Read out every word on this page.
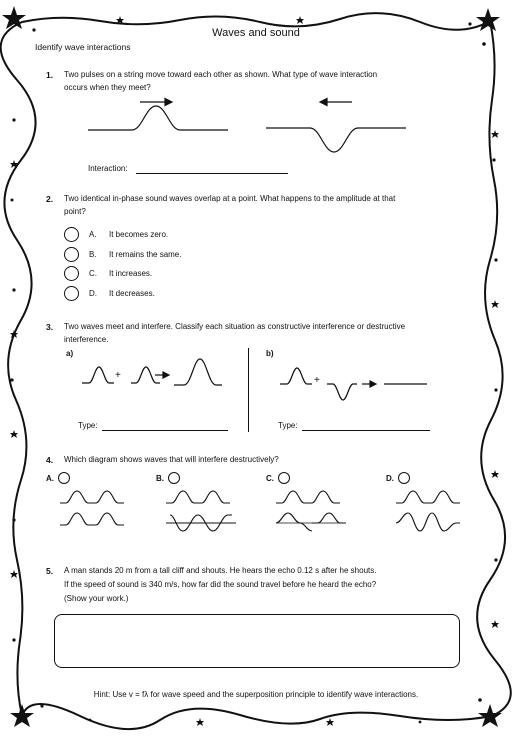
Waves and sound
Identify wave interactions
1. Two pulses on a string move toward each other as shown. What type of wave interaction
occurs when they meet?
Interaction:
2. Two identical in-phase sound waves overlap at a point. What happens to the amplitude at that
point?
A.	It becomes zero.
B.	It remains the same.
C.	It increases.
D.	It decreases.
3. Two waves meet and interfere. Classify each situation as constructive interference or destructive
interference.
a)	b)
+	+
Type:	Type:
4. Which diagram shows waves that will interfere destructively?
A.	B.	C.	D.
5. A man stands 20 m from a tall cliff and shouts. He hears the echo 0.12 s after he shouts.
If the speed of sound is 340 m/s, how far did the sound travel before he heard the echo?
(Show your work.)
Hint: Use v = fλ for wave speed and the superposition principle to identify wave interactions.
